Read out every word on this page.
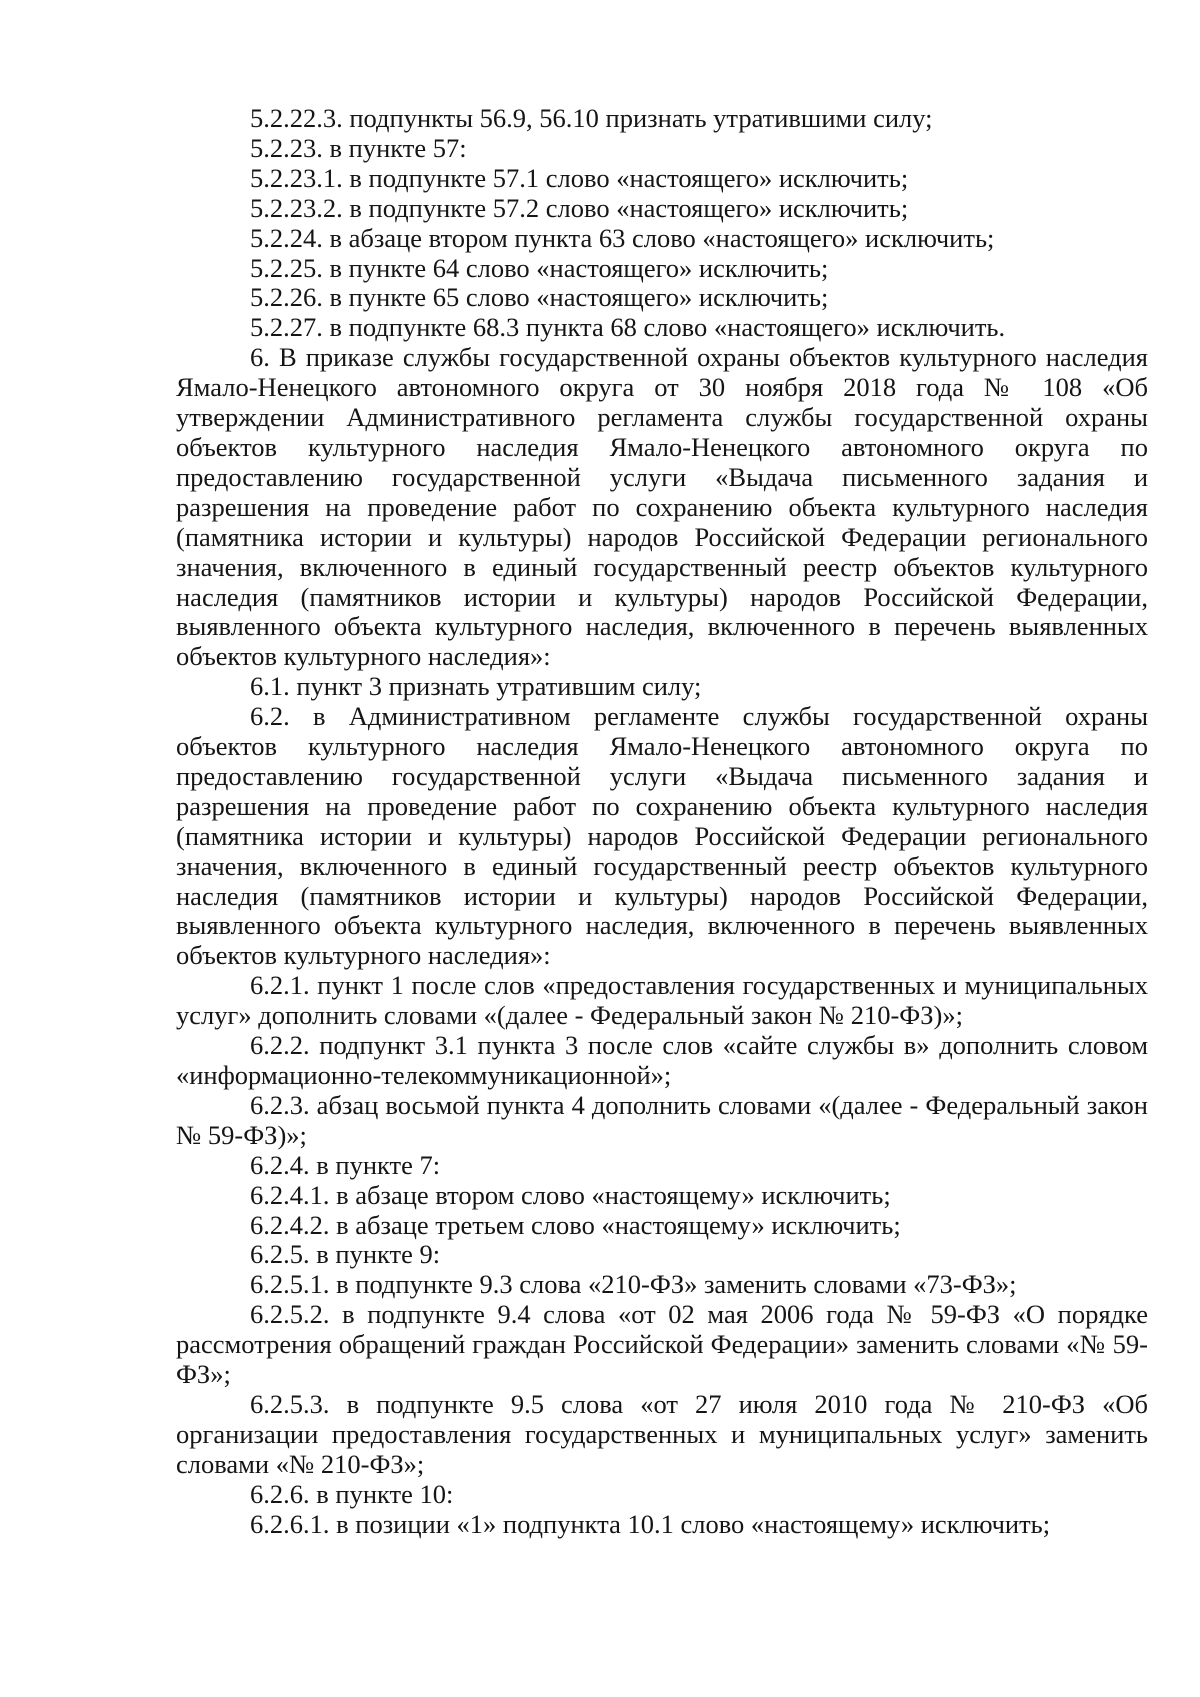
5.2.22.3. подпункты 56.9, 56.10 признать утратившими силу;

5.2.23. в пункте 57:

5.2.23.1. в подпункте 57.1 слово «настоящего» исключить;

5.2.23.2. в подпункте 57.2 слово «настоящего» исключить;

5.2.24. в абзаце втором пункта 63 слово «настоящего» исключить;

5.2.25. в пункте 64 слово «настоящего» исключить;

5.2.26. в пункте 65 слово «настоящего» исключить;

5.2.27. в подпункте 68.3 пункта 68 слово «настоящего» исключить.

6. В приказе службы государственной охраны объектов культурного наследия Ямало-Ненецкого автономного округа от 30 ноября 2018 года № 108 «Об утверждении Административного регламента службы государственной охраны объектов культурного наследия Ямало-Ненецкого автономного округа по предоставлению государственной услуги «Выдача письменного задания и разрешения на проведение работ по сохранению объекта культурного наследия (памятника истории и культуры) народов Российской Федерации регионального значения, включенного в единый государственный реестр объектов культурного наследия (памятников истории и культуры) народов Российской Федерации, выявленного объекта культурного наследия, включенного в перечень выявленных объектов культурного наследия»:

6.1. пункт 3 признать утратившим силу;

6.2. в Административном регламенте службы государственной охраны объектов культурного наследия Ямало-Ненецкого автономного округа по предоставлению государственной услуги «Выдача письменного задания и разрешения на проведение работ по сохранению объекта культурного наследия (памятника истории и культуры) народов Российской Федерации регионального значения, включенного в единый государственный реестр объектов культурного наследия (памятников истории и культуры) народов Российской Федерации, выявленного объекта культурного наследия, включенного в перечень выявленных объектов культурного наследия»:

6.2.1. пункт 1 после слов «предоставления государственных и муниципальных услуг» дополнить словами «(далее - Федеральный закон № 210-ФЗ)»;

6.2.2. подпункт 3.1 пункта 3 после слов «сайте службы в» дополнить словом «информационно-телекоммуникационной»;

6.2.3. абзац восьмой пункта 4 дополнить словами «(далее - Федеральный закон № 59-ФЗ)»;

6.2.4. в пункте 7:

6.2.4.1. в абзаце втором слово «настоящему» исключить;

6.2.4.2. в абзаце третьем слово «настоящему» исключить;

6.2.5. в пункте 9:

6.2.5.1. в подпункте 9.3 слова «210-ФЗ» заменить словами «73-ФЗ»;

6.2.5.2. в подпункте 9.4 слова «от 02 мая 2006 года № 59-ФЗ «О порядке рассмотрения обращений граждан Российской Федерации» заменить словами «№ 59-ФЗ»;

6.2.5.3. в подпункте 9.5 слова «от 27 июля 2010 года № 210-ФЗ «Об организации предоставления государственных и муниципальных услуг» заменить словами «№ 210-ФЗ»;

6.2.6. в пункте 10:

6.2.6.1. в позиции «1» подпункта 10.1 слово «настоящему» исключить;
